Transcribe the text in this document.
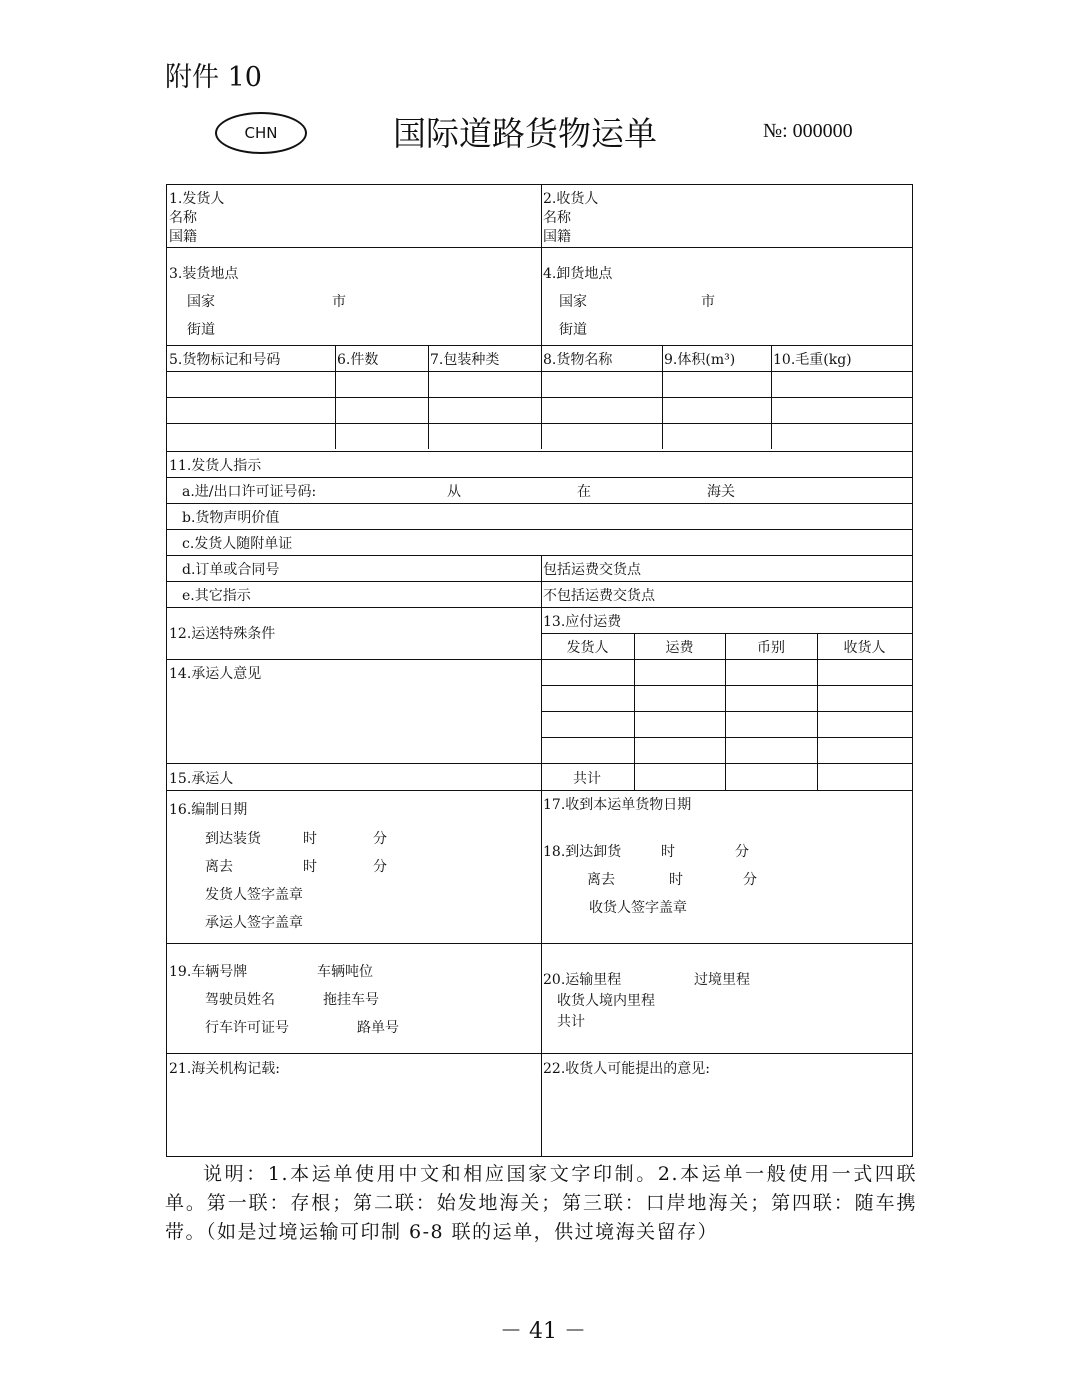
附件 10
CHN	国际道路货物运单	№: 000000
1.发货人
名称
国籍
2.收货人
名称
国籍
3.装货地点
国家	市
街道
4.卸货地点
国家	市
街道
5.货物标记和号码	6.件数	7.包装种类	8.货物名称	9.体积(m³)	10.毛重(kg)
11.发货人指示
a.进/出口许可证号码:	从	在	海关
b.货物声明价值
c.发货人随附单证
d.订单或合同号	包括运费交货点
e.其它指示	不包括运费交货点
12.运送特殊条件
13.应付运费
发货人	运费	币别	收货人
14.承运人意见
15.承运人	共计
16.编制日期
到达装货	时	分
离去	时	分
发货人签字盖章
承运人签字盖章
17.收到本运单货物日期
18.到达卸货	时	分
离去	时	分
收货人签字盖章
19.车辆号牌	车辆吨位
驾驶员姓名	拖挂车号
行车许可证号	路单号
20.运输里程	过境里程
收货人境内里程
共计
21.海关机构记载:	22.收货人可能提出的意见:
说明：1.本运单使用中文和相应国家文字印制。2.本运单一般使用一式四联单。第一联：存根；第二联：始发地海关；第三联：口岸地海关；第四联：随车携带。（如是过境运输可印制 6-8 联的运单，供过境海关留存）
－ 41 －
